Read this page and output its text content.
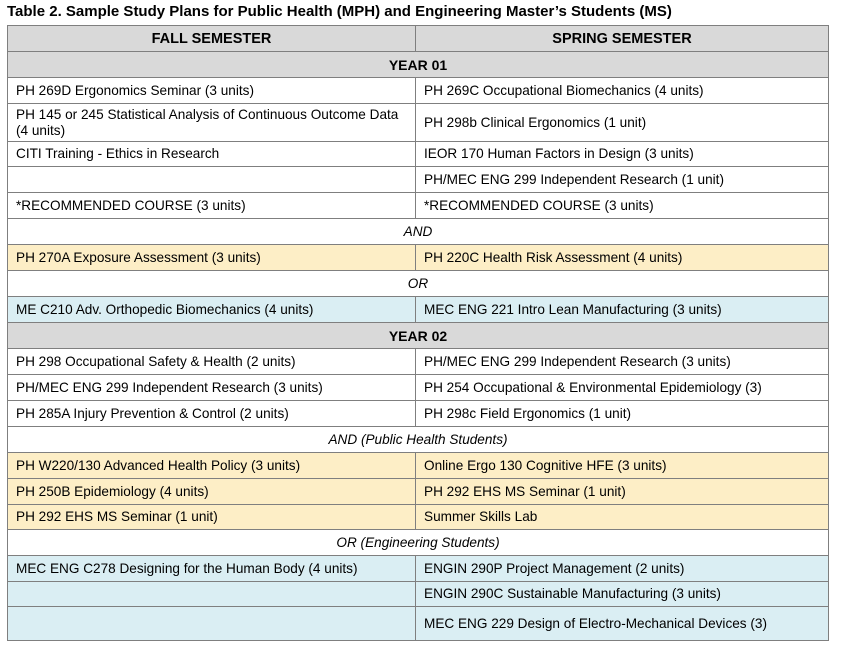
Table 2. Sample Study Plans for Public Health (MPH) and Engineering Master’s Students (MS)
FALL SEMESTER	SPRING SEMESTER
YEAR 01	
PH 269D Ergonomics Seminar (3 units)	PH 269C Occupational Biomechanics (4 units)
PH 145 or 245 Statistical Analysis of Continuous Outcome Data (4 units)	PH 298b Clinical Ergonomics (1 unit)
CITI Training - Ethics in Research	IEOR 170 Human Factors in Design (3 units)
	PH/MEC ENG 299 Independent Research (1 unit)
*RECOMMENDED COURSE (3 units)	*RECOMMENDED COURSE (3 units)
AND	
PH 270A Exposure Assessment (3 units)	PH 220C Health Risk Assessment (4 units)
OR	
ME C210 Adv. Orthopedic Biomechanics (4 units)	MEC ENG 221 Intro Lean Manufacturing (3 units)
YEAR 02	
PH 298 Occupational Safety & Health (2 units)	PH/MEC ENG 299 Independent Research (3 units)
PH/MEC ENG 299 Independent Research (3 units)	PH 254 Occupational & Environmental Epidemiology (3)
PH 285A Injury Prevention & Control (2 units)	PH 298c Field Ergonomics (1 unit)
AND (Public Health Students)	
PH W220/130 Advanced Health Policy (3 units)	Online Ergo 130 Cognitive HFE (3 units)
PH 250B Epidemiology (4 units)	PH 292 EHS MS Seminar (1 unit)
PH 292 EHS MS Seminar (1 unit)	Summer Skills Lab
OR (Engineering Students)	
MEC ENG C278 Designing for the Human Body (4 units)	ENGIN 290P Project Management (2 units)
	ENGIN 290C Sustainable Manufacturing (3 units)
	MEC ENG 229 Design of Electro-Mechanical Devices (3)
